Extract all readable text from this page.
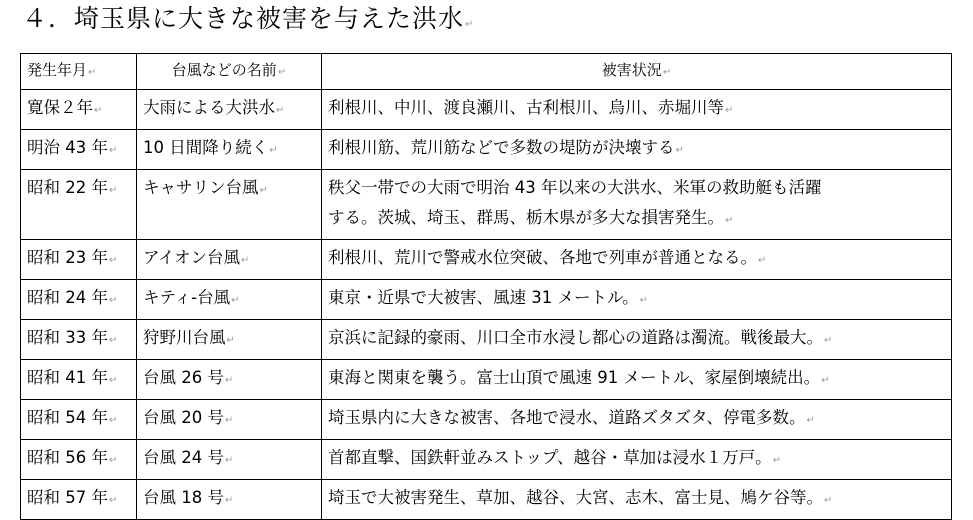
４．埼玉県に大きな被害を与えた洪水 ↵
発生年月 ↵	台風などの名前 ↵	被害状況 ↵
寛保２年 ↵	大雨による大洪水 ↵	利根川、中川、渡良瀬川、古利根川、烏川、赤堀川等 ↵
明治 43 年 ↵	10 日間降り続く ↵	利根川筋、荒川筋などで多数の堤防が決壊する ↵
昭和 22 年 ↵	キャサリン台風 ↵	秩父一帯での大雨で明治 43 年以来の大洪水、米軍の救助艇も活躍
する。茨城、埼玉、群馬、栃木県が多大な損害発生。 ↵

昭和 23 年 ↵	アイオン台風 ↵	利根川、荒川で警戒水位突破、各地で列車が普通となる。 ↵
昭和 24 年 ↵	キティ-台風 ↵	東京・近県で大被害、風速 31 メートル。 ↵
昭和 33 年 ↵	狩野川台風 ↵	京浜に記録的豪雨、川口全市水浸し都心の道路は濁流。戦後最大。 ↵
昭和 41 年 ↵	台風 26 号 ↵	東海と関東を襲う。富士山頂で風速 91 メートル、家屋倒壊続出。 ↵
昭和 54 年 ↵	台風 20 号 ↵	埼玉県内に大きな被害、各地で浸水、道路ズタズタ、停電多数。 ↵
昭和 56 年 ↵	台風 24 号 ↵	首都直撃、国鉄軒並みストップ、越谷・草加は浸水１万戸。 ↵
昭和 57 年 ↵	台風 18 号 ↵	埼玉で大被害発生、草加、越谷、大宮、志木、富士見、鳩ケ谷等。 ↵
